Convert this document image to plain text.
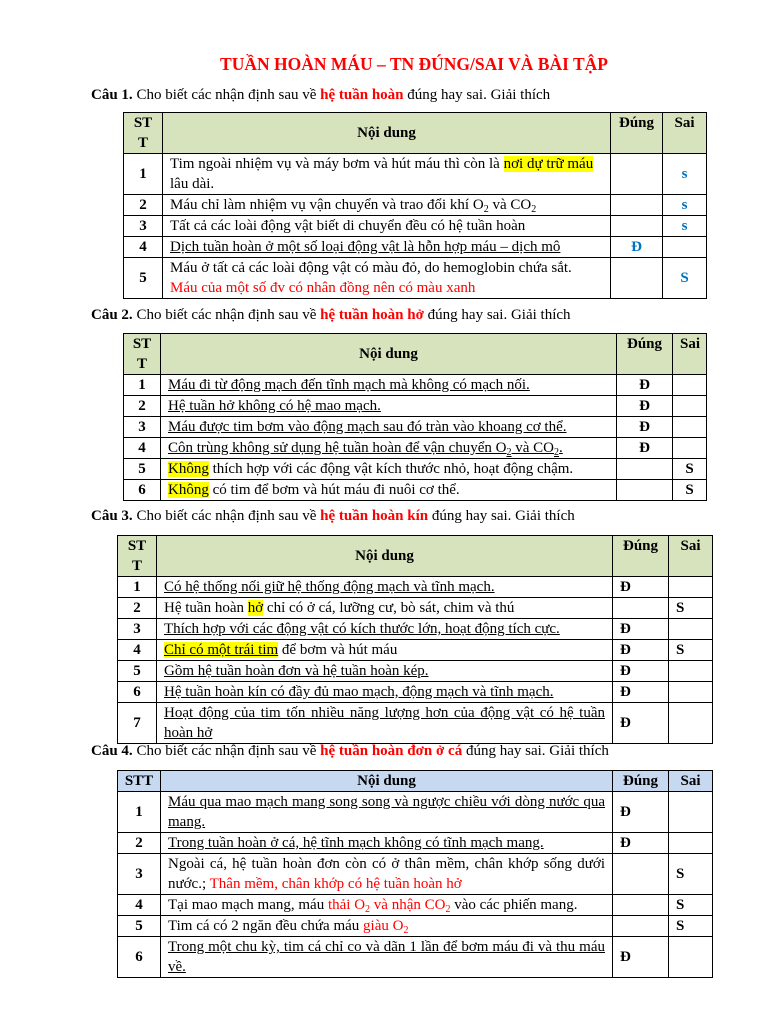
TUẦN HOÀN MÁU – TN ĐÚNG/SAI VÀ BÀI TẬP
Câu 1. Cho biết các nhận định sau về hệ tuần hoàn đúng hay sai. Giải thích
STT	Nội dung	Đúng	Sai
1	Tim ngoài nhiệm vụ và máy bơm và hút máu thì còn là nơi dự trữ máu lâu dài.		s
2	Máu chỉ làm nhiệm vụ vận chuyển và trao đổi khí $O_2$ và $CO_2$		s
3	Tất cả các loài động vật biết di chuyển đều có hệ tuần hoàn		s
4	Dịch tuần hoàn ở một số loại động vật là hỗn hợp máu – dịch mô	Đ	
5	Máu ở tất cả các loài động vật có màu đỏ, do hemoglobin chứa sắt.
Máu của một số đv có nhân đồng nên có màu xanh		S
Câu 2. Cho biết các nhận định sau về hệ tuần hoàn hở đúng hay sai. Giải thích
STT	Nội dung	Đúng	Sai
1	Máu đi từ động mạch đến tĩnh mạch mà không có mạch nối.	Đ	
2	Hệ tuần hở không có hệ mao mạch.	Đ	
3	Máu được tim bơm vào động mạch sau đó tràn vào khoang cơ thể.	Đ	
4	Côn trùng không sử dụng hệ tuần hoàn để vận chuyển $O_2$ và $CO_2$.	Đ	
5	Không thích hợp với các động vật kích thước nhỏ, hoạt động chậm.		S
6	Không có tim để bơm và hút máu đi nuôi cơ thể.		S
Câu 3. Cho biết các nhận định sau về hệ tuần hoàn kín đúng hay sai. Giải thích
STT	Nội dung	Đúng	Sai
1	Có hệ thống nối giữ hệ thống động mạch và tĩnh mạch.	Đ	
2	Hệ tuần hoàn hở chỉ có ở cá, lưỡng cư, bò sát, chim và thú		S
3	Thích hợp với các động vật có kích thước lớn, hoạt động tích cực.	Đ	
4	Chỉ có một trái tim để bơm và hút máu	Đ	S
5	Gồm hệ tuần hoàn đơn và hệ tuần hoàn kép.	Đ	
6	Hệ tuần hoàn kín có đầy đủ mao mạch, động mạch và tĩnh mạch.	Đ	
7	Hoạt động của tim tốn nhiều năng lượng hơn của động vật có hệ tuần hoàn hở	Đ	
Câu 4. Cho biết các nhận định sau về hệ tuần hoàn đơn ở cá đúng hay sai. Giải thích
STT	Nội dung	Đúng	Sai
1	Máu qua mao mạch mang song song và ngược chiều với dòng nước qua mang.	Đ	
2	Trong tuần hoàn ở cá, hệ tĩnh mạch không có tĩnh mạch mang.	Đ	
3	Ngoài cá, hệ tuần hoàn đơn còn có ở thân mềm, chân khớp sống dưới nước.; Thân mềm, chân khớp có hệ tuần hoàn hở		S
4	Tại mao mạch mang, máu thải $O_2$ và nhận $CO_2$ vào các phiến mang.		S
5	Tim cá có 2 ngăn đều chứa máu giàu $O_2$		S
6	Trong một chu kỳ, tim cá chỉ co và dãn 1 lần để bơm máu đi và thu máu về.	Đ	
